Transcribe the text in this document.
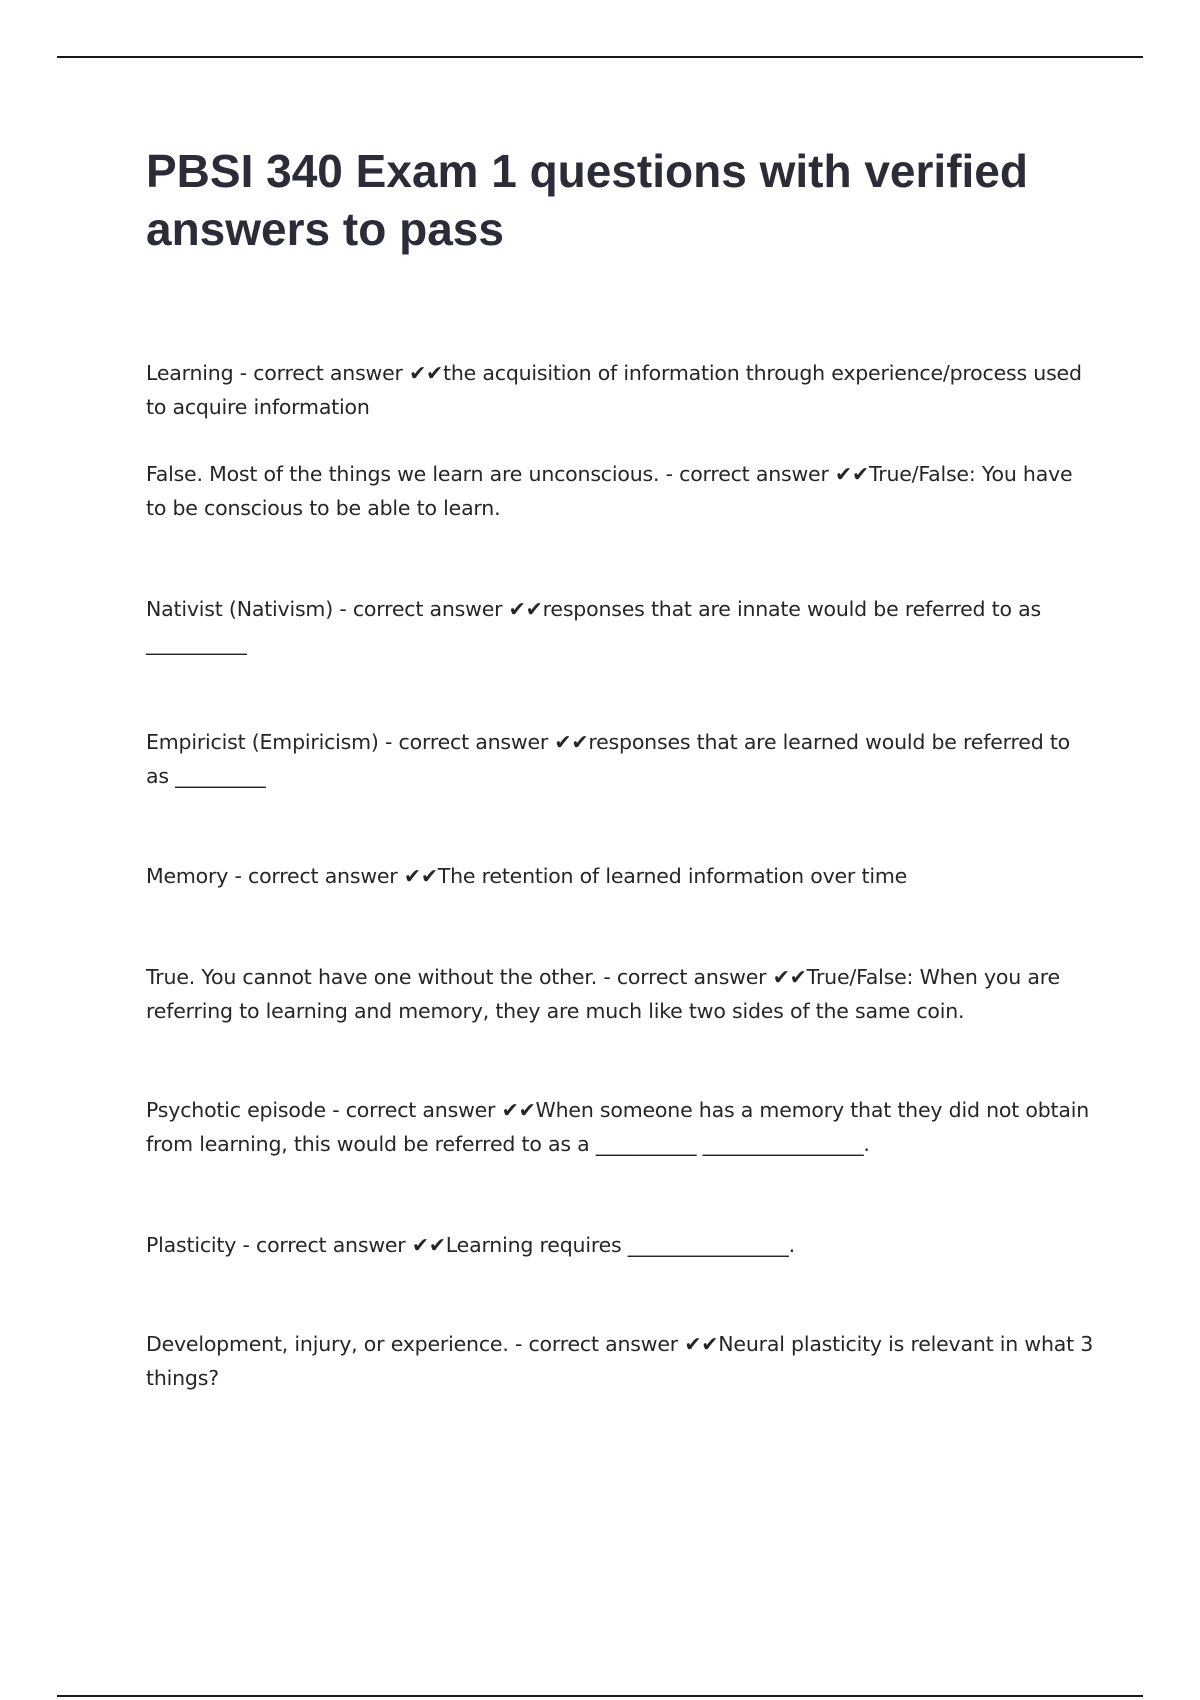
PBSI 340 Exam 1 questions with verified answers to pass
Learning - correct answer ✔✔the acquisition of information through experience/process used to acquire information
False. Most of the things we learn are unconscious. - correct answer ✔✔True/False: You have to be conscious to be able to learn.
Nativist (Nativism) - correct answer ✔✔responses that are innate would be referred to as __________
Empiricist (Empiricism) - correct answer ✔✔responses that are learned would be referred to as _________
Memory - correct answer ✔✔The retention of learned information over time
True. You cannot have one without the other. - correct answer ✔✔True/False: When you are referring to learning and memory, they are much like two sides of the same coin.
Psychotic episode - correct answer ✔✔When someone has a memory that they did not obtain from learning, this would be referred to as a __________ ________________.
Plasticity - correct answer ✔✔Learning requires ________________.
Development, injury, or experience. - correct answer ✔✔Neural plasticity is relevant in what 3 things?
